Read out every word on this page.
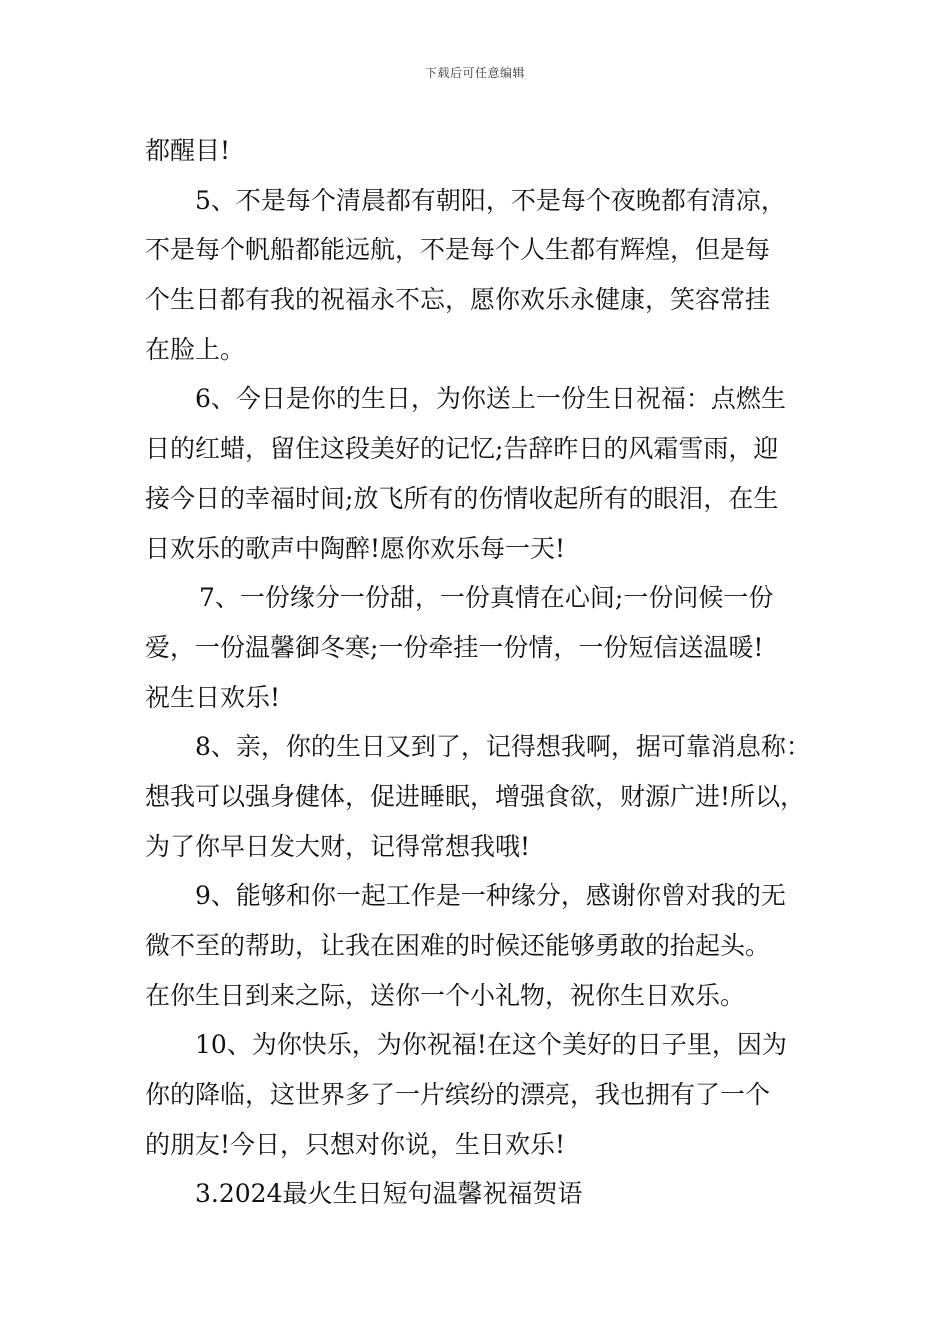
下载后可任意编辑
都醒目!
5、不是每个清晨都有朝阳，不是每个夜晚都有清凉，
不是每个帆船都能远航，不是每个人生都有辉煌，但是每
个生日都有我的祝福永不忘，愿你欢乐永健康，笑容常挂
在脸上。
6、今日是你的生日，为你送上一份生日祝福：点燃生
日的红蜡，留住这段美好的记忆;告辞昨日的风霜雪雨，迎
接今日的幸福时间;放飞所有的伤情收起所有的眼泪，在生
日欢乐的歌声中陶醉!愿你欢乐每一天!
7、一份缘分一份甜，一份真情在心间;一份问候一份
爱，一份温馨御冬寒;一份牵挂一份情，一份短信送温暖!
祝生日欢乐!
8、亲，你的生日又到了，记得想我啊，据可靠消息称：
想我可以强身健体，促进睡眠，增强食欲，财源广进!所以，
为了你早日发大财，记得常想我哦!
9、能够和你一起工作是一种缘分，感谢你曾对我的无
微不至的帮助，让我在困难的时候还能够勇敢的抬起头。
在你生日到来之际，送你一个小礼物，祝你生日欢乐。
10、为你快乐，为你祝福!在这个美好的日子里，因为
你的降临，这世界多了一片缤纷的漂亮，我也拥有了一个
的朋友!今日，只想对你说，生日欢乐!
3.2024最火生日短句温馨祝福贺语
